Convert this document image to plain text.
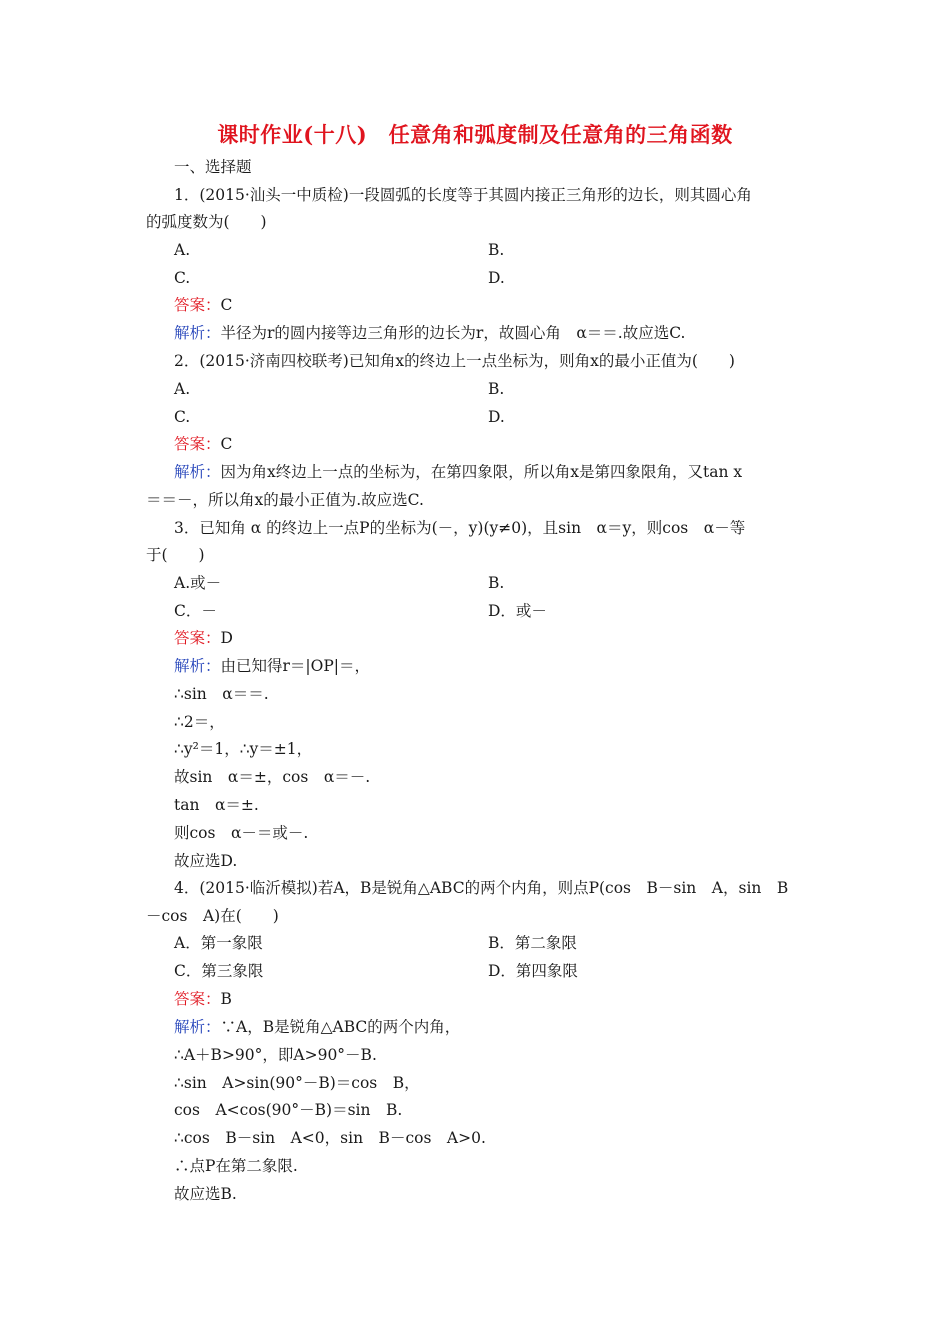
课时作业(十八)　任意角和弧度制及任意角的三角函数
一、选择题
1．(2015·汕头一中质检)一段圆弧的长度等于其圆内接正三角形的边长，则其圆心角
的弧度数为(　　)
A.	B.
C.	D.
答案：C
解析：半径为r的圆内接等边三角形的边长为r，故圆心角　α＝＝.故应选C.
2．(2015·济南四校联考)已知角x的终边上一点坐标为，则角x的最小正值为(　　)
A.	B.
C.	D.
答案：C
解析：因为角x终边上一点的坐标为，在第四象限，所以角x是第四象限角，又tan x
＝＝－，所以角x的最小正值为.故应选C.
3．已知角 α 的终边上一点P的坐标为(－，y)(y≠0)，且sin　α＝y，则cos　α－等
于(　　)
A.或－	B.
C．－	D．或－
答案：D
解析：由已知得r＝|OP|＝，
∴sin　α＝＝.
∴2＝，
∴y²＝1，∴y＝±1，
故sin　α＝±，cos　α＝－.
tan　α＝±.
则cos　α－＝或－.
故应选D.
4．(2015·临沂模拟)若A，B是锐角△ABC的两个内角，则点P(cos　B－sin　A，sin　B
－cos　A)在(　　)
A．第一象限	B．第二象限
C．第三象限	D．第四象限
答案：B
解析：∵A，B是锐角△ABC的两个内角，
∴A＋B>90°，即A>90°－B.
∴sin　A>sin(90°－B)＝cos　B，
cos　A<cos(90°－B)＝sin　B.
∴cos　B－sin　A<0，sin　B－cos　A>0.
∴点P在第二象限.
故应选B.
